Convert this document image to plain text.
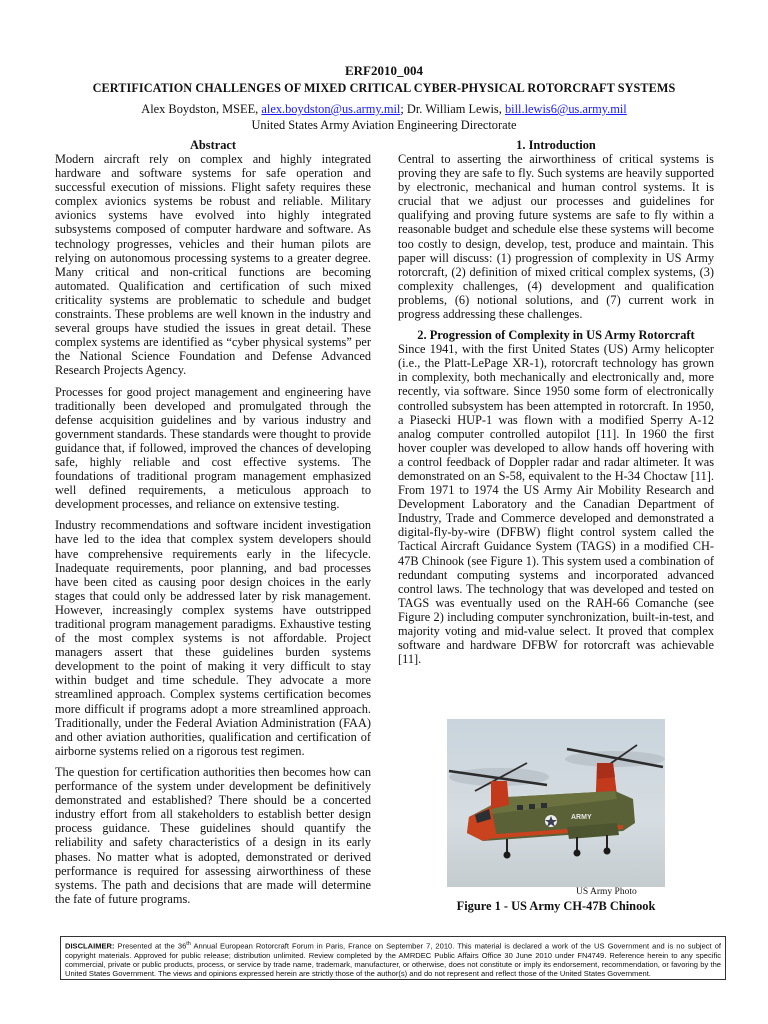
ERF2010_004
CERTIFICATION CHALLENGES OF MIXED CRITICAL CYBER-PHYSICAL ROTORCRAFT SYSTEMS
Alex Boydston, MSEE, alex.boydston@us.army.mil; Dr. William Lewis, bill.lewis6@us.army.mil
United States Army Aviation Engineering Directorate
Abstract

Modern aircraft rely on complex and highly integrated hardware and software systems for safe operation and successful execution of missions. Flight safety requires these complex avionics systems be robust and reliable. Military avionics systems have evolved into highly integrated subsystems composed of computer hardware and software. As technology progresses, vehicles and their human pilots are relying on autonomous processing systems to a greater degree. Many critical and non-critical functions are becoming automated. Qualification and certification of such mixed criticality systems are problematic to schedule and budget constraints. These problems are well known in the industry and several groups have studied the issues in great detail. These complex systems are identified as “cyber physical systems” per the National Science Foundation and Defense Advanced Research Projects Agency.

Processes for good project management and engineering have traditionally been developed and promulgated through the defense acquisition guidelines and by various industry and government standards. These standards were thought to provide guidance that, if followed, improved the chances of developing safe, highly reliable and cost effective systems. The foundations of traditional program management emphasized well defined requirements, a meticulous approach to development processes, and reliance on extensive testing.

Industry recommendations and software incident investigation have led to the idea that complex system developers should have comprehensive requirements early in the lifecycle. Inadequate requirements, poor planning, and bad processes have been cited as causing poor design choices in the early stages that could only be addressed later by risk management. However, increasingly complex systems have outstripped traditional program management paradigms. Exhaustive testing of the most complex systems is not affordable. Project managers assert that these guidelines burden systems development to the point of making it very difficult to stay within budget and time schedule. They advocate a more streamlined approach. Complex systems certification becomes more difficult if programs adopt a more streamlined approach. Traditionally, under the Federal Aviation Administration (FAA) and other aviation authorities, qualification and certification of airborne systems relied on a rigorous test regimen.

The question for certification authorities then becomes how can performance of the system under development be definitively demonstrated and established? There should be a concerted industry effort from all stakeholders to establish better design process guidance. These guidelines should quantify the reliability and safety characteristics of a design in its early phases. No matter what is adopted, demonstrated or derived performance is required for assessing airworthiness of these systems. The path and decisions that are made will determine the fate of future programs.

1. Introduction

Central to asserting the airworthiness of critical systems is proving they are safe to fly. Such systems are heavily supported by electronic, mechanical and human control systems. It is crucial that we adjust our processes and guidelines for qualifying and proving future systems are safe to fly within a reasonable budget and schedule else these systems will become too costly to design, develop, test, produce and maintain. This paper will discuss: (1) progression of complexity in US Army rotorcraft, (2) definition of mixed critical complex systems, (3) complexity challenges, (4) development and qualification problems, (6) notional solutions, and (7) current work in progress addressing these challenges.

2. Progression of Complexity in US Army Rotorcraft

Since 1941, with the first United States (US) Army helicopter (i.e., the Platt-LePage XR-1), rotorcraft technology has grown in complexity, both mechanically and electronically and, more recently, via software. Since 1950 some form of electronically controlled subsystem has been attempted in rotorcraft. In 1950, a Piasecki HUP-1 was flown with a modified Sperry A-12 analog computer controlled autopilot [11]. In 1960 the first hover coupler was developed to allow hands off hovering with a control feedback of Doppler radar and radar altimeter. It was demonstrated on an S-58, equivalent to the H-34 Choctaw [11]. From 1971 to 1974 the US Army Air Mobility Research and Development Laboratory and the Canadian Department of Industry, Trade and Commerce developed and demonstrated a digital-fly-by-wire (DFBW) flight control system called the Tactical Aircraft Guidance System (TAGS) in a modified CH-47B Chinook (see Figure 1). This system used a combination of redundant computing systems and incorporated advanced control laws. The technology that was developed and tested on TAGS was eventually used on the RAH-66 Comanche (see Figure 2) including computer synchronization, built-in-test, and majority voting and mid-value select. It proved that complex software and hardware DFBW for rotorcraft was achievable [11].

ARMY
US Army Photo
Figure 1 - US Army CH-47B Chinook
DISCLAIMER: Presented at the 36th Annual European Rotorcraft Forum in Paris, France on September 7, 2010. This material is declared a work of the US Government and is no subject of copyright materials. Approved for public release; distribution unlimited. Review completed by the AMRDEC Public Affairs Office 30 June 2010 under FN4749. Reference herein to any specific commercial, private or public products, process, or service by trade name, trademark, manufacturer, or otherwise, does not constitute or imply its endorsement, recommendation, or favoring by the United States Government. The views and opinions expressed herein are strictly those of the author(s) and do not represent and reflect those of the United States Government.
